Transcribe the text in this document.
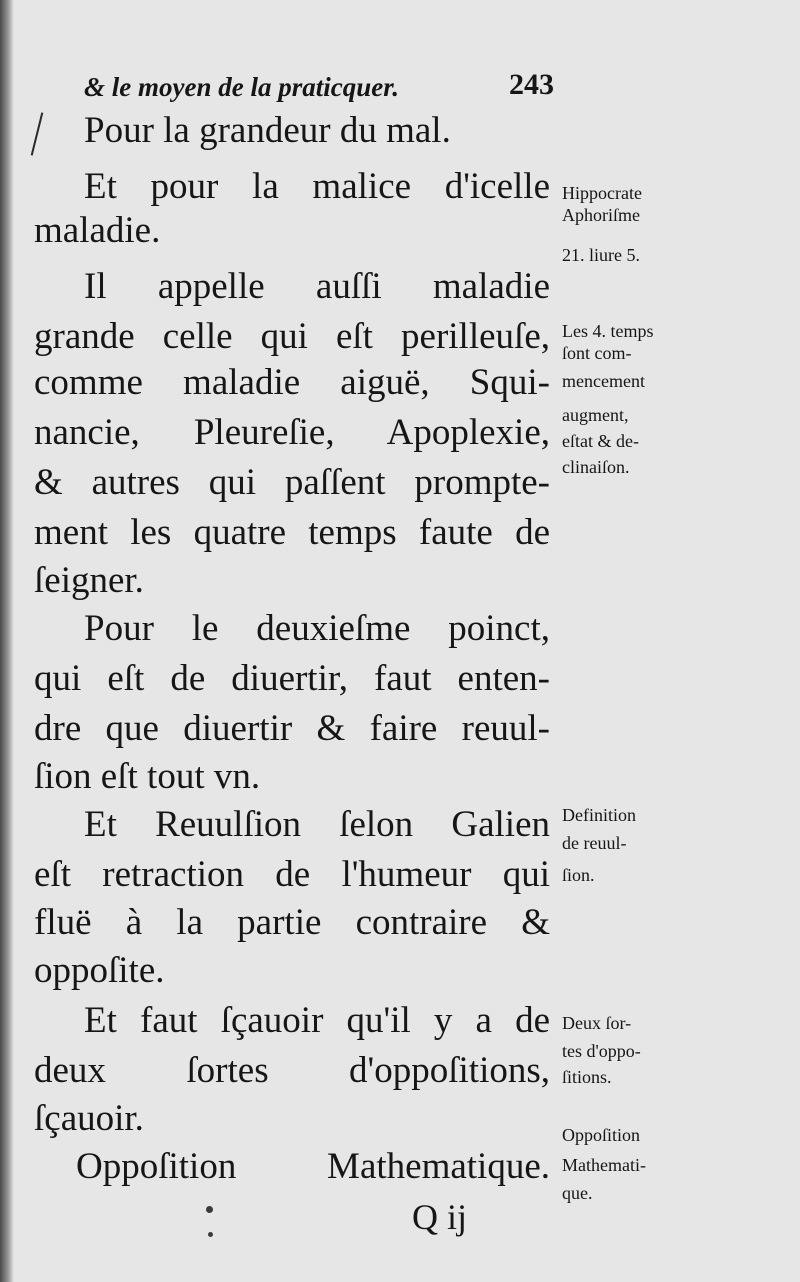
& le moyen de la praticquer.	243
Pour la grandeur du mal.
Et pour la malice d'icelle
maladie.
Il appelle auſſi maladie
grande celle qui eſt perilleuſe,
comme maladie aiguë, Squi-
nancie, Pleureſie, Apoplexie,
& autres qui paſſent prompte-
ment les quatre temps faute de
ſeigner.
Pour le deuxieſme poinct,
qui eſt de diuertir, faut enten-
dre que diuertir & faire reuul-
ſion eſt tout vn.
Et Reuulſion ſelon Galien
eſt retraction de l'humeur qui
fluë à la partie contraire &
oppoſite.
Et faut ſçauoir qu'il y a de
deux ſortes d'oppoſitions,
ſçauoir.
Oppoſition Mathematique.
Hippocrate
Aphoriſme
21. liure 5.
Les 4. temps
ſont com-
mencement
augment,
eſtat & de-
clinaiſon.
Definition
de reuul-
ſion.
Deux ſor-
tes d'oppo-
ſitions.
Oppoſition
Mathemati-
que.
Q ij
